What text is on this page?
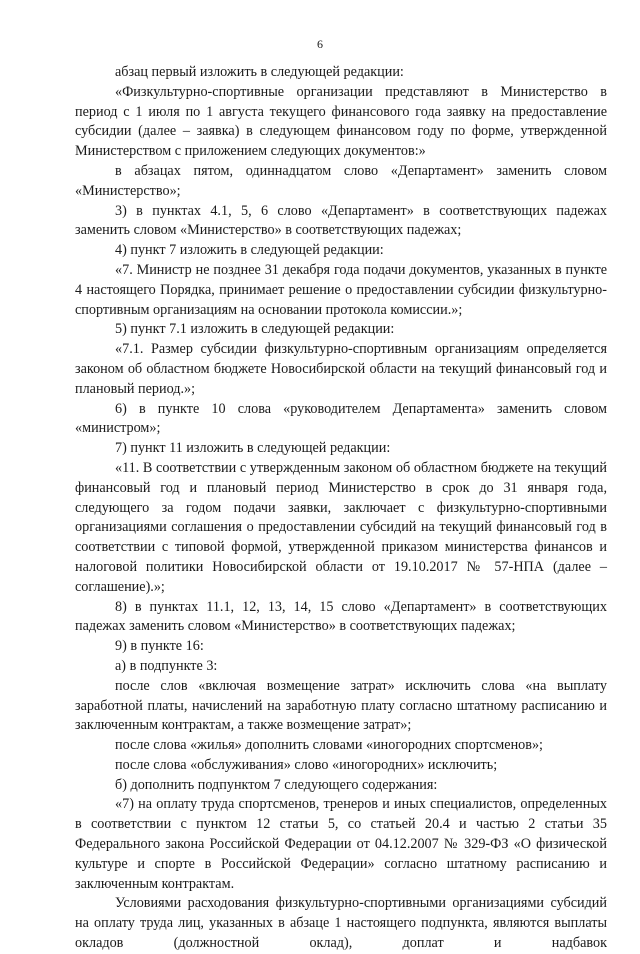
6

абзац первый изложить в следующей редакции:

«Физкультурно-спортивные организации представляют в Министерство в период с 1 июля по 1 августа текущего финансового года заявку на предоставление субсидии (далее – заявка) в следующем финансовом году по форме, утвержденной Министерством с приложением следующих документов:»

в абзацах пятом, одиннадцатом слово «Департамент» заменить словом «Министерство»;

3) в пунктах 4.1, 5, 6 слово «Департамент» в соответствующих падежах заменить словом «Министерство» в соответствующих падежах;

4) пункт 7 изложить в следующей редакции:

«7. Министр не позднее 31 декабря года подачи документов, указанных в пункте 4 настоящего Порядка, принимает решение о предоставлении субсидии физкультурно-спортивным организациям на основании протокола комиссии.»;

5) пункт 7.1 изложить в следующей редакции:

«7.1. Размер субсидии физкультурно-спортивным организациям определяется законом об областном бюджете Новосибирской области на текущий финансовый год и плановый период.»;

6) в пункте 10 слова «руководителем Департамента» заменить словом «министром»;

7) пункт 11 изложить в следующей редакции:

«11. В соответствии с утвержденным законом об областном бюджете на текущий финансовый год и плановый период Министерство в срок до 31 января года, следующего за годом подачи заявки, заключает с физкультурно-спортивными организациями соглашения о предоставлении субсидий на текущий финансовый год в соответствии с типовой формой, утвержденной приказом министерства финансов и налоговой политики Новосибирской области от 19.10.2017 № 57-НПА (далее – соглашение).»;

8) в пунктах 11.1, 12, 13, 14, 15 слово «Департамент» в соответствующих падежах заменить словом «Министерство» в соответствующих падежах;

9) в пункте 16:

а) в подпункте 3:

после слов «включая возмещение затрат» исключить слова «на выплату заработной платы, начислений на заработную плату согласно штатному расписанию и заключенным контрактам, а также возмещение затрат»;

после слова «жилья» дополнить словами «иногородних спортсменов»;

после слова «обслуживания» слово «иногородних» исключить;

б) дополнить подпунктом 7 следующего содержания:

«7) на оплату труда спортсменов, тренеров и иных специалистов, определенных в соответствии с пунктом 12 статьи 5, со статьей 20.4 и частью 2 статьи 35 Федерального закона Российской Федерации от 04.12.2007 № 329-ФЗ «О физической культуре и спорте в Российской Федерации» согласно штатному расписанию и заключенным контрактам.

Условиями расходования физкультурно-спортивными организациями субсидий на оплату труда лиц, указанных в абзаце 1 настоящего подпункта, являются выплаты окладов (должностной оклад), доплат и надбавок
